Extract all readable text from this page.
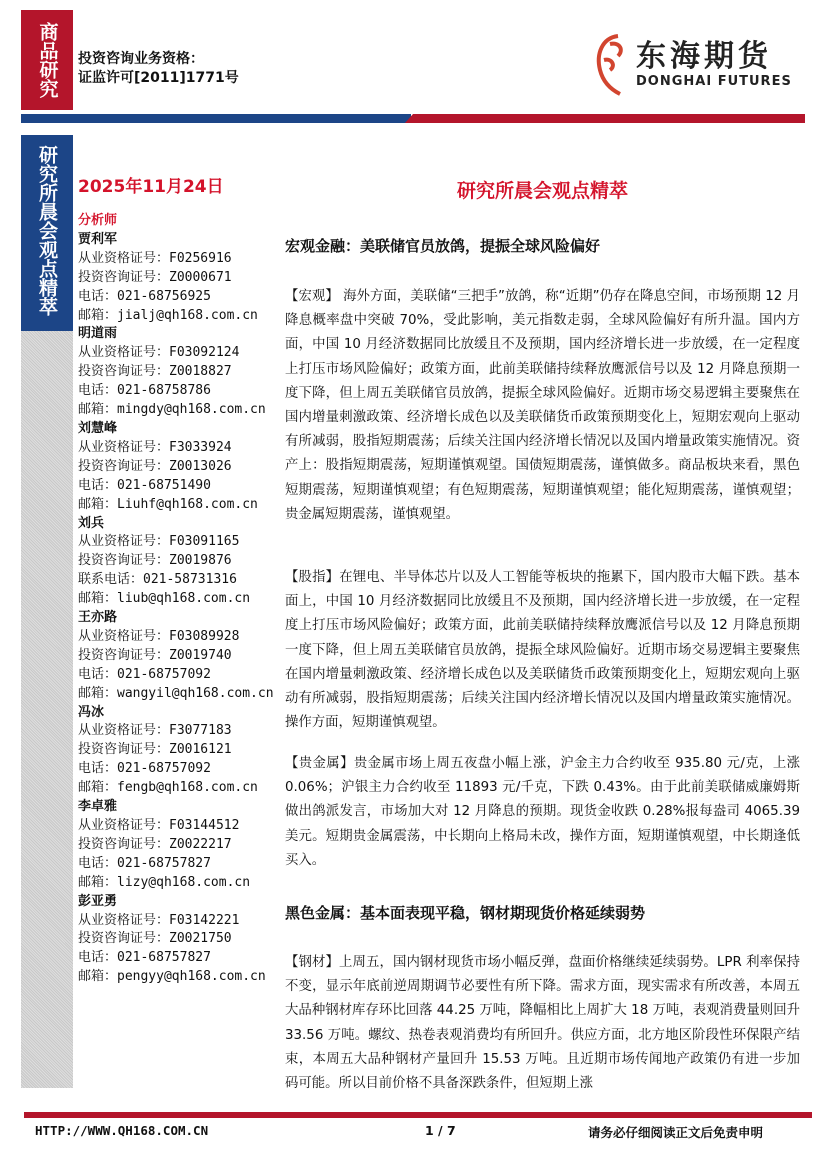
商品研究	投资咨询业务资格：
证监许可[2011]1771号
东海期货
DONGHAI FUTURES
研究所晨会观点精萃	2025年11月24日
分析师
贾利军
从业资格证号：F0256916
投资咨询证号：Z0000671
电话：021-68756925
邮箱：jialj@qh168.com.cn
明道雨
从业资格证号：F03092124
投资咨询证号：Z0018827
电话：021-68758786
邮箱：mingdy@qh168.com.cn
刘慧峰
从业资格证号：F3033924
投资咨询证号：Z0013026
电话：021-68751490
邮箱：Liuhf@qh168.com.cn
刘兵
从业资格证号：F03091165
投资咨询证号：Z0019876
联系电话：021-58731316
邮箱：liub@qh168.com.cn
王亦路
从业资格证号：F03089928
投资咨询证号：Z0019740
电话：021-68757092
邮箱：wangyil@qh168.com.cn
冯冰
从业资格证号：F3077183
投资咨询证号：Z0016121
电话：021-68757092
邮箱：fengb@qh168.com.cn
李卓雅
从业资格证号：F03144512
投资咨询证号：Z0022217
电话：021-68757827
邮箱：lizy@qh168.com.cn
彭亚勇
从业资格证号：F03142221
投资咨询证号：Z0021750
电话：021-68757827
邮箱：pengyy@qh168.com.cn
研究所晨会观点精萃
宏观金融：美联储官员放鸽，提振全球风险偏好
【宏观】 海外方面，美联储“三把手”放鸽，称“近期”仍存在降息空间，市场预期 12 月降息概率盘中突破 70%，受此影响，美元指数走弱，全球风险偏好有所升温。国内方面，中国 10 月经济数据同比放缓且不及预期，国内经济增长进一步放缓，在一定程度上打压市场风险偏好；政策方面，此前美联储持续释放鹰派信号以及 12 月降息预期一度下降，但上周五美联储官员放鸽，提振全球风险偏好。近期市场交易逻辑主要聚焦在国内增量刺激政策、经济增长成色以及美联储货币政策预期变化上，短期宏观向上驱动有所减弱，股指短期震荡；后续关注国内经济增长情况以及国内增量政策实施情况。资产上：股指短期震荡，短期谨慎观望。国债短期震荡，谨慎做多。商品板块来看，黑色短期震荡，短期谨慎观望；有色短期震荡，短期谨慎观望；能化短期震荡，谨慎观望；贵金属短期震荡，谨慎观望。
【股指】在锂电、半导体芯片以及人工智能等板块的拖累下，国内股市大幅下跌。基本面上，中国 10 月经济数据同比放缓且不及预期，国内经济增长进一步放缓，在一定程度上打压市场风险偏好；政策方面，此前美联储持续释放鹰派信号以及 12 月降息预期一度下降，但上周五美联储官员放鸽，提振全球风险偏好。近期市场交易逻辑主要聚焦在国内增量刺激政策、经济增长成色以及美联储货币政策预期变化上，短期宏观向上驱动有所减弱，股指短期震荡；后续关注国内经济增长情况以及国内增量政策实施情况。操作方面，短期谨慎观望。
【贵金属】贵金属市场上周五夜盘小幅上涨，沪金主力合约收至 935.80 元/克，上涨 0.06%；沪银主力合约收至 11893 元/千克，下跌 0.43%。由于此前美联储威廉姆斯做出鸽派发言，市场加大对 12 月降息的预期。现货金收跌 0.28%报每盎司 4065.39 美元。短期贵金属震荡，中长期向上格局未改，操作方面，短期谨慎观望，中长期逢低买入。
黑色金属：基本面表现平稳，钢材期现货价格延续弱势
【钢材】上周五，国内钢材现货市场小幅反弹，盘面价格继续延续弱势。LPR 利率保持不变，显示年底前逆周期调节必要性有所下降。需求方面，现实需求有所改善，本周五大品种钢材库存环比回落 44.25 万吨，降幅相比上周扩大 18 万吨，表观消费量则回升 33.56 万吨。螺纹、热卷表观消费均有所回升。供应方面，北方地区阶段性环保限产结束，本周五大品种钢材产量回升 15.53 万吨。且近期市场传闻地产政策仍有进一步加码可能。所以目前价格不具备深跌条件，但短期上涨
HTTP://WWW.QH168.COM.CN	1 / 7	请务必仔细阅读正文后免责申明
